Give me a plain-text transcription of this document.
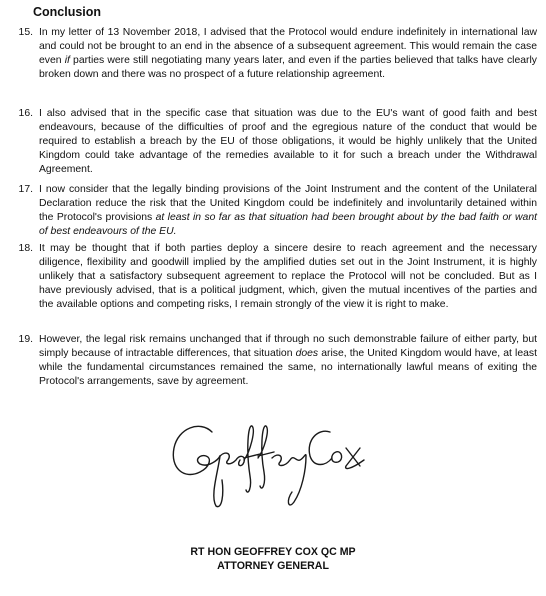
Conclusion
15. In my letter of 13 November 2018, I advised that the Protocol would endure indefinitely in international law and could not be brought to an end in the absence of a subsequent agreement. This would remain the case even if parties were still negotiating many years later, and even if the parties believed that talks have clearly broken down and there was no prospect of a future relationship agreement.
16. I also advised that in the specific case that situation was due to the EU's want of good faith and best endeavours, because of the difficulties of proof and the egregious nature of the conduct that would be required to establish a breach by the EU of those obligations, it would be highly unlikely that the United Kingdom could take advantage of the remedies available to it for such a breach under the Withdrawal Agreement.
17. I now consider that the legally binding provisions of the Joint Instrument and the content of the Unilateral Declaration reduce the risk that the United Kingdom could be indefinitely and involuntarily detained within the Protocol's provisions at least in so far as that situation had been brought about by the bad faith or want of best endeavours of the EU.
18. It may be thought that if both parties deploy a sincere desire to reach agreement and the necessary diligence, flexibility and goodwill implied by the amplified duties set out in the Joint Instrument, it is highly unlikely that a satisfactory subsequent agreement to replace the Protocol will not be concluded. But as I have previously advised, that is a political judgment, which, given the mutual incentives of the parties and the available options and competing risks, I remain strongly of the view it is right to make.
19. However, the legal risk remains unchanged that if through no such demonstrable failure of either party, but simply because of intractable differences, that situation does arise, the United Kingdom would have, at least while the fundamental circumstances remained the same, no internationally lawful means of exiting the Protocol's arrangements, save by agreement.
RT HON GEOFFREY COX QC MP
ATTORNEY GENERAL
